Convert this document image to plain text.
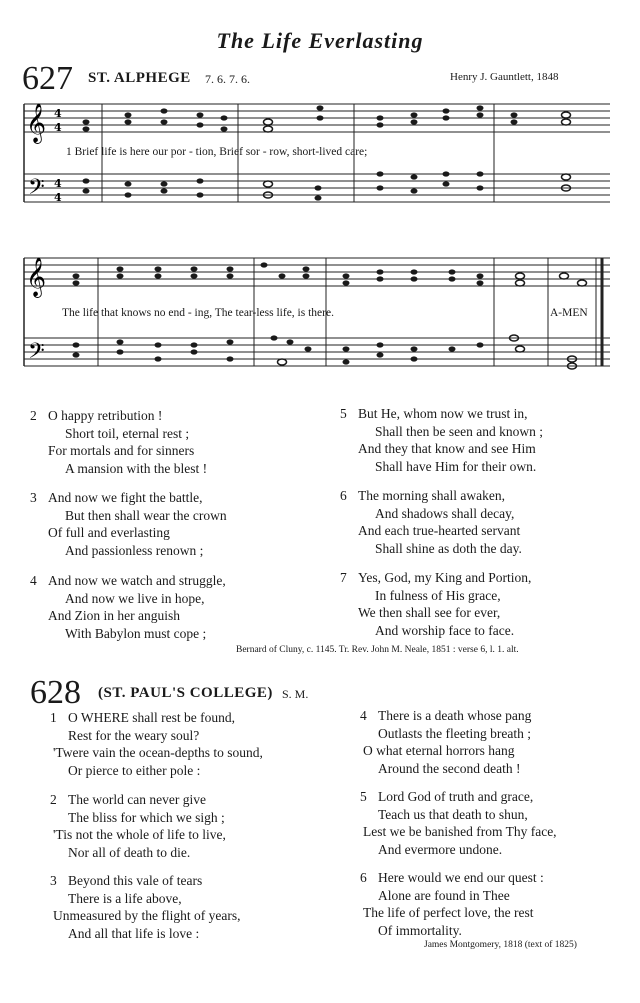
The Life Everlasting
627 ST. ALPHEGE 7. 6. 7. 6.	Henry J. Gauntlett, 1848
𝄞
𝄢
4
4
4
4
1 Brief life is here our por - tion, Brief sor - row, short-lived care;
𝄞
𝄢
The life that knows no end - ing, The tear-less life, is there.	A-MEN
2 O happy retribution !
Short toil, eternal rest ;
For mortals and for sinners
A mansion with the blest !
3 And now we fight the battle,
But then shall wear the crown
Of full and everlasting
And passionless renown ;
4 And now we watch and struggle,
And now we live in hope,
And Zion in her anguish
With Babylon must cope ;
5 But He, whom now we trust in,
Shall then be seen and known ;
And they that know and see Him
Shall have Him for their own.
6 The morning shall awaken,
And shadows shall decay,
And each true-hearted servant
Shall shine as doth the day.
7 Yes, God, my King and Portion,
In fulness of His grace,
We then shall see for ever,
And worship face to face.
Bernard of Cluny, c. 1145. Tr. Rev. John M. Neale, 1851 : verse 6, l. 1. alt.
628 (ST. PAUL'S COLLEGE) S. M.
1 O WHERE shall rest be found,
Rest for the weary soul?
'Twere vain the ocean-depths to sound,
Or pierce to either pole :
2 The world can never give
The bliss for which we sigh ;
'Tis not the whole of life to live,
Nor all of death to die.
3 Beyond this vale of tears
There is a life above,
Unmeasured by the flight of years,
And all that life is love :
4 There is a death whose pang
Outlasts the fleeting breath ;
O what eternal horrors hang
Around the second death !
5 Lord God of truth and grace,
Teach us that death to shun,
Lest we be banished from Thy face,
And evermore undone.
6 Here would we end our quest :
Alone are found in Thee
The life of perfect love, the rest
Of immortality.
James Montgomery, 1818 (text of 1825)
